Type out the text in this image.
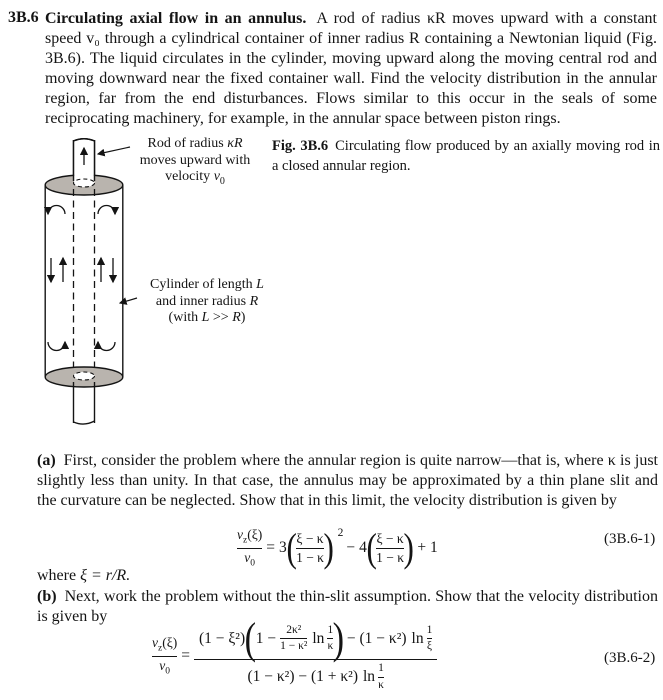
3B.6 Circulating axial flow in an annulus. A rod of radius κR moves upward with a constant speed v₀ through a cylindrical container of inner radius R containing a Newtonian liquid (Fig. 3B.6). The liquid circulates in the cylinder, moving upward along the moving central rod and moving downward near the fixed container wall. Find the velocity distribution in the annular region, far from the end disturbances. Flows similar to this occur in the seals of some reciprocating machinery, for example, in the annular space between piston rings.
Rod of radius κR
moves upward with
velocity $v_0$
Cylinder of length L
and inner radius R
(with L >> R)
Fig. 3B.6 Circulating flow produced by an axially moving rod in a closed annular region.
(a) First, consider the problem where the annular region is quite narrow—that is, where κ is just slightly less than unity. In that case, the annulus may be approximated by a thin plane slit and the curvature can be neglected. Show that in this limit, the velocity distribution is given by
$v_z(\xi)$
$v_0$
= 3 ( ξ − κ
1 − κ ) 2
− 4 ( ξ − κ
1 − κ ) + 1	(3B.6-1)
where ξ = r/R.
(b) Next, work the problem without the thin-slit assumption. Show that the velocity distribution is given by
$v_z(\xi)$
$v_0$
=
(1 − ξ²) ( 1 − 2κ²
1 − κ² ln 1
κ ) − (1 − κ²) ln 1
ξ
(1 − κ²) − (1 + κ²) ln 1
κ
(3B.6-2)
